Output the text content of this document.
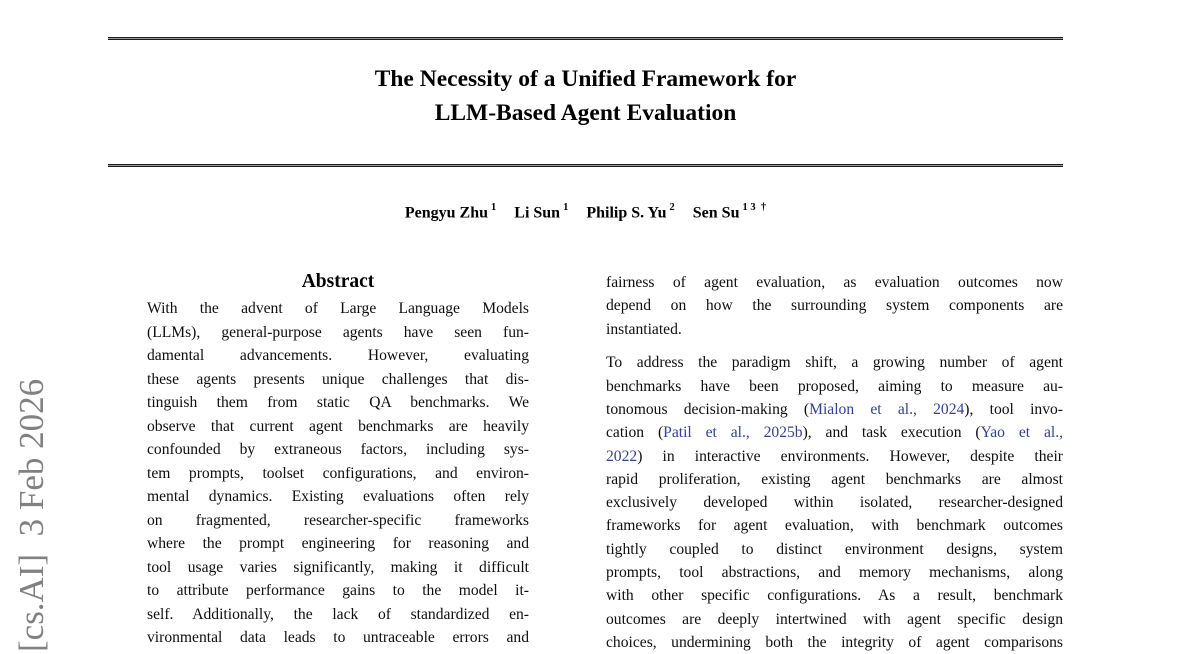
The Necessity of a Unified Framework for
LLM-Based Agent Evaluation
Pengyu Zhu $^1$ Li Sun $^1$ Philip S. Yu $^2$ Sen Su $^{1 3 \dagger}$
Abstract
With the advent of Large Language Models
(LLMs), general-purpose agents have seen fun-
damental advancements. However, evaluating
these agents presents unique challenges that dis-
tinguish them from static QA benchmarks. We
observe that current agent benchmarks are heavily
confounded by extraneous factors, including sys-
tem prompts, toolset configurations, and environ-
mental dynamics. Existing evaluations often rely
on fragmented, researcher-specific frameworks
where the prompt engineering for reasoning and
tool usage varies significantly, making it difficult
to attribute performance gains to the model it-
self. Additionally, the lack of standardized en-
vironmental data leads to untraceable errors and
fairness of agent evaluation, as evaluation outcomes now
depend on how the surrounding system components are
instantiated.
To address the paradigm shift, a growing number of agent
benchmarks have been proposed, aiming to measure au-
tonomous decision-making (Mialon et al., 2024), tool invo-
cation (Patil et al., 2025b), and task execution (Yao et al.,
2022) in interactive environments. However, despite their
rapid proliferation, existing agent benchmarks are almost
exclusively developed within isolated, researcher-designed
frameworks for agent evaluation, with benchmark outcomes
tightly coupled to distinct environment designs, system
prompts, tool abstractions, and memory mechanisms, along
with other specific configurations. As a result, benchmark
outcomes are deeply intertwined with agent specific design
choices, undermining both the integrity of agent comparisons
[cs.AI]  3 Feb 2026
